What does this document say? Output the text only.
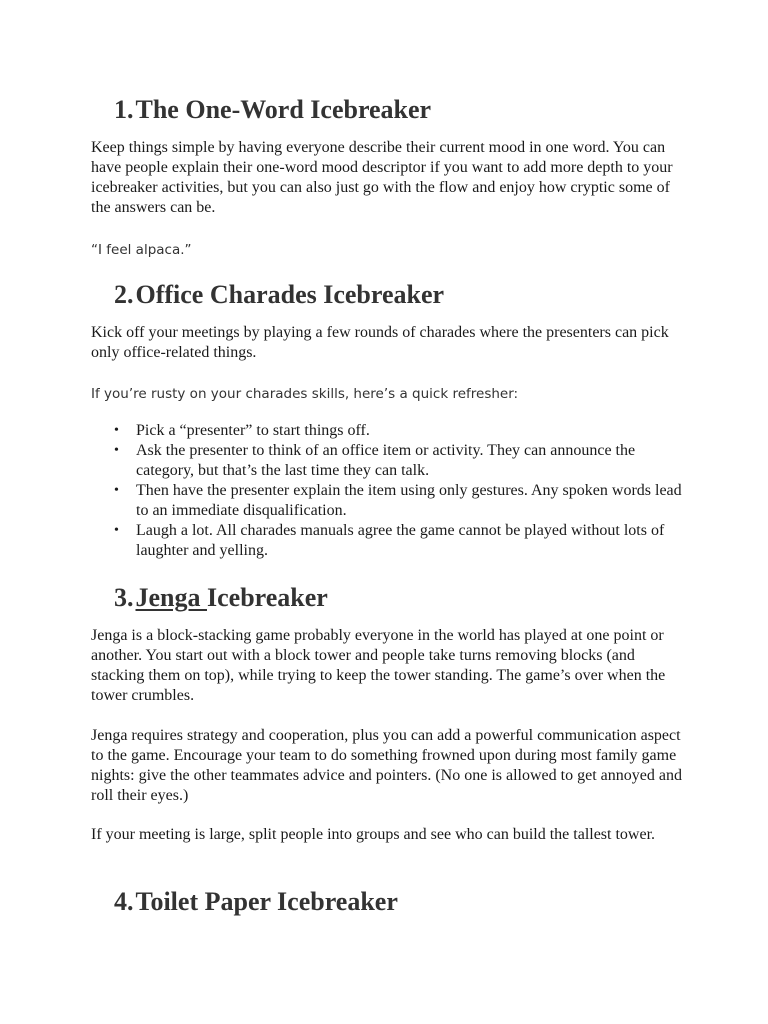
1.The One-Word Icebreaker

Keep things simple by having everyone describe their current mood in one word. You can have people explain their one-word mood descriptor if you want to add more depth to your icebreaker activities, but you can also just go with the flow and enjoy how cryptic some of the answers can be.

“I feel alpaca.”

2.Office Charades Icebreaker

Kick off your meetings by playing a few rounds of charades where the presenters can pick only office-related things.

If you’re rusty on your charades skills, here’s a quick refresher:

• Pick a “presenter” to start things off.
• Ask the presenter to think of an office item or activity. They can announce the category, but that’s the last time they can talk.
• Then have the presenter explain the item using only gestures. Any spoken words lead to an immediate disqualification.
• Laugh a lot. All charades manuals agree the game cannot be played without lots of laughter and yelling.
3.Jenga Icebreaker

Jenga is a block-stacking game probably everyone in the world has played at one point or another. You start out with a block tower and people take turns removing blocks (and stacking them on top), while trying to keep the tower standing. The game’s over when the tower crumbles.

Jenga requires strategy and cooperation, plus you can add a powerful communication aspect to the game. Encourage your team to do something frowned upon during most family game nights: give the other teammates advice and pointers. (No one is allowed to get annoyed and roll their eyes.)

If your meeting is large, split people into groups and see who can build the tallest tower.

4.Toilet Paper Icebreaker
